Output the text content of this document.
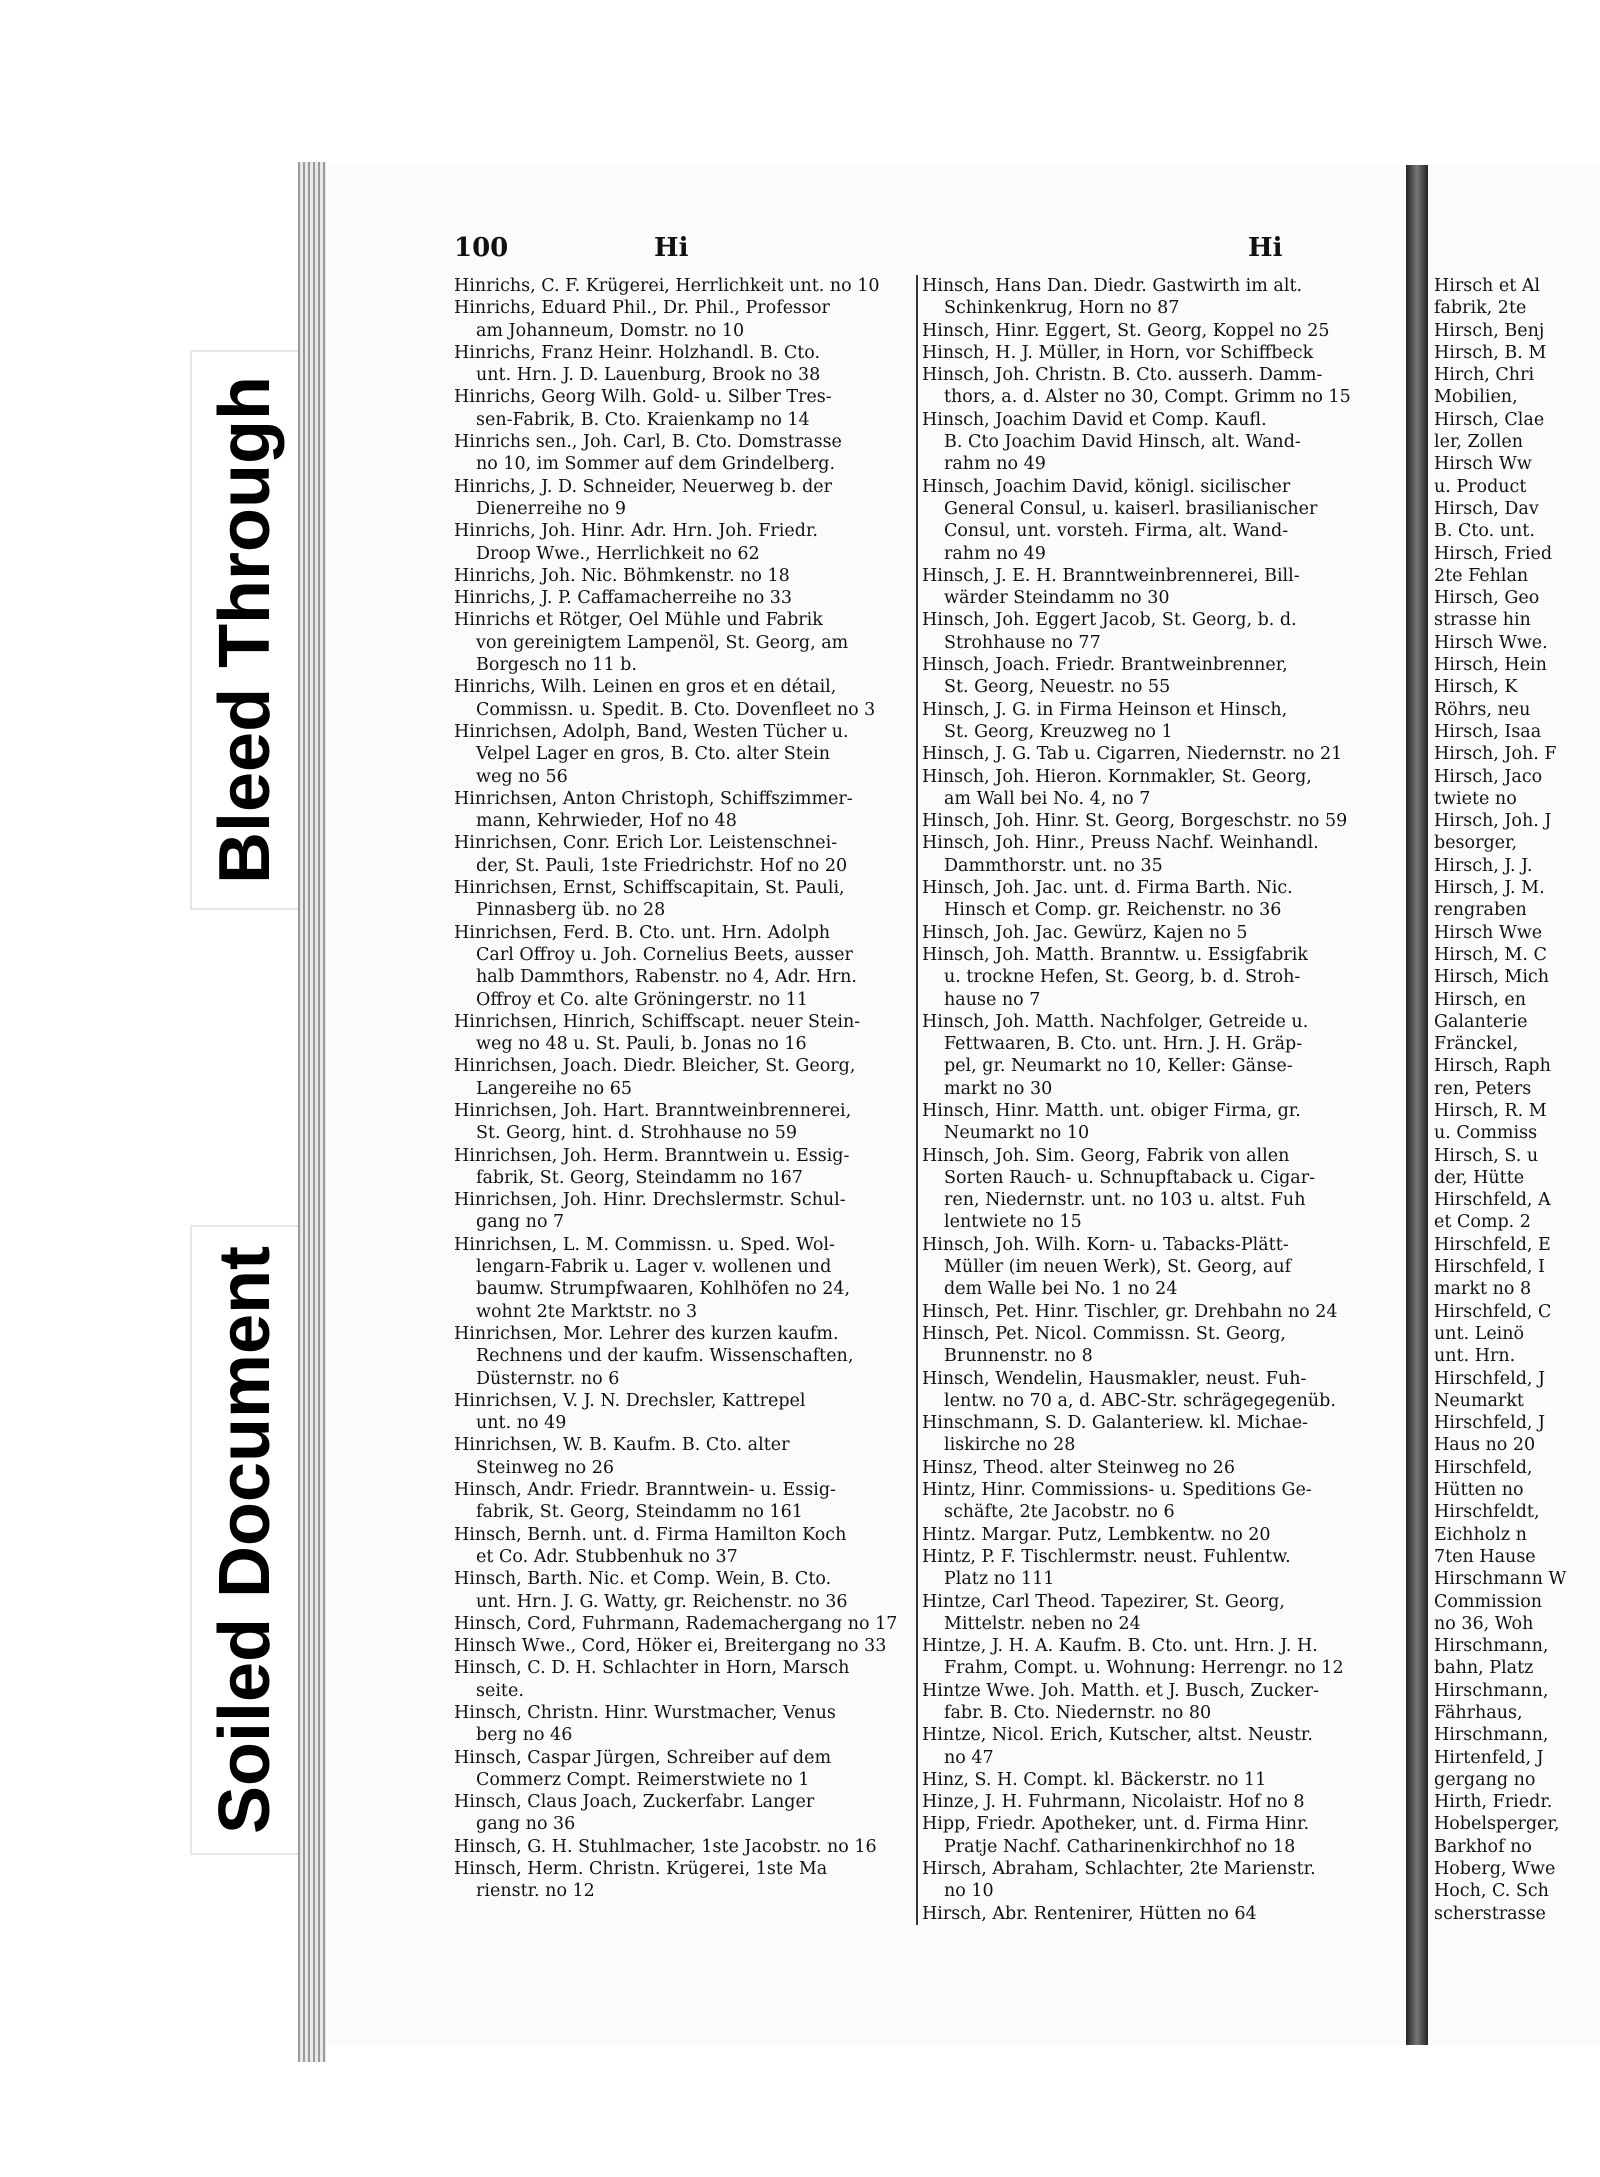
Bleed Through
Soiled Document
100	Hi	Hi
Hinrichs, C. F. Krügerei, Herrlichkeit unt. no 10
Hinrichs, Eduard Phil., Dr. Phil., Professor
am Johanneum, Domstr. no 10
Hinrichs, Franz Heinr. Holzhandl. B. Cto.
unt. Hrn. J. D. Lauenburg, Brook no 38
Hinrichs, Georg Wilh. Gold- u. Silber Tres-
sen-Fabrik, B. Cto. Kraienkamp no 14
Hinrichs sen., Joh. Carl, B. Cto. Domstrasse
no 10, im Sommer auf dem Grindelberg.
Hinrichs, J. D. Schneider, Neuerweg b. der
Dienerreihe no 9
Hinrichs, Joh. Hinr. Adr. Hrn. Joh. Friedr.
Droop Wwe., Herrlichkeit no 62
Hinrichs, Joh. Nic. Böhmkenstr. no 18
Hinrichs, J. P. Caffamacherreihe no 33
Hinrichs et Rötger, Oel Mühle und Fabrik
von gereinigtem Lampenöl, St. Georg, am
Borgesch no 11 b.
Hinrichs, Wilh. Leinen en gros et en détail,
Commissn. u. Spedit. B. Cto. Dovenfleet no 3
Hinrichsen, Adolph, Band, Westen Tücher u.
Velpel Lager en gros, B. Cto. alter Stein
weg no 56
Hinrichsen, Anton Christoph, Schiffszimmer-
mann, Kehrwieder, Hof no 48
Hinrichsen, Conr. Erich Lor. Leistenschnei-
der, St. Pauli, 1ste Friedrichstr. Hof no 20
Hinrichsen, Ernst, Schiffscapitain, St. Pauli,
Pinnasberg üb. no 28
Hinrichsen, Ferd. B. Cto. unt. Hrn. Adolph
Carl Offroy u. Joh. Cornelius Beets, ausser
halb Dammthors, Rabenstr. no 4, Adr. Hrn.
Offroy et Co. alte Gröningerstr. no 11
Hinrichsen, Hinrich, Schiffscapt. neuer Stein-
weg no 48 u. St. Pauli, b. Jonas no 16
Hinrichsen, Joach. Diedr. Bleicher, St. Georg,
Langereihe no 65
Hinrichsen, Joh. Hart. Branntweinbrennerei,
St. Georg, hint. d. Strohhause no 59
Hinrichsen, Joh. Herm. Branntwein u. Essig-
fabrik, St. Georg, Steindamm no 167
Hinrichsen, Joh. Hinr. Drechslermstr. Schul-
gang no 7
Hinrichsen, L. M. Commissn. u. Sped. Wol-
lengarn-Fabrik u. Lager v. wollenen und
baumw. Strumpfwaaren, Kohlhöfen no 24,
wohnt 2te Marktstr. no 3
Hinrichsen, Mor. Lehrer des kurzen kaufm.
Rechnens und der kaufm. Wissenschaften,
Düsternstr. no 6
Hinrichsen, V. J. N. Drechsler, Kattrepel
unt. no 49
Hinrichsen, W. B. Kaufm. B. Cto. alter
Steinweg no 26
Hinsch, Andr. Friedr. Branntwein- u. Essig-
fabrik, St. Georg, Steindamm no 161
Hinsch, Bernh. unt. d. Firma Hamilton Koch
et Co. Adr. Stubbenhuk no 37
Hinsch, Barth. Nic. et Comp. Wein, B. Cto.
unt. Hrn. J. G. Watty, gr. Reichenstr. no 36
Hinsch, Cord, Fuhrmann, Rademachergang no 17
Hinsch Wwe., Cord, Höker ei, Breitergang no 33
Hinsch, C. D. H. Schlachter in Horn, Marsch
seite.
Hinsch, Christn. Hinr. Wurstmacher, Venus
berg no 46
Hinsch, Caspar Jürgen, Schreiber auf dem
Commerz Compt. Reimerstwiete no 1
Hinsch, Claus Joach, Zuckerfabr. Langer
gang no 36
Hinsch, G. H. Stuhlmacher, 1ste Jacobstr. no 16
Hinsch, Herm. Christn. Krügerei, 1ste Ma
rienstr. no 12
Hinsch, Hans Dan. Diedr. Gastwirth im alt.
Schinkenkrug, Horn no 87
Hinsch, Hinr. Eggert, St. Georg, Koppel no 25
Hinsch, H. J. Müller, in Horn, vor Schiffbeck
Hinsch, Joh. Christn. B. Cto. ausserh. Damm-
thors, a. d. Alster no 30, Compt. Grimm no 15
Hinsch, Joachim David et Comp. Kaufl.
B. Cto Joachim David Hinsch, alt. Wand-
rahm no 49
Hinsch, Joachim David, königl. sicilischer
General Consul, u. kaiserl. brasilianischer
Consul, unt. vorsteh. Firma, alt. Wand-
rahm no 49
Hinsch, J. E. H. Branntweinbrennerei, Bill-
wärder Steindamm no 30
Hinsch, Joh. Eggert Jacob, St. Georg, b. d.
Strohhause no 77
Hinsch, Joach. Friedr. Brantweinbrenner,
St. Georg, Neuestr. no 55
Hinsch, J. G. in Firma Heinson et Hinsch,
St. Georg, Kreuzweg no 1
Hinsch, J. G. Tab u. Cigarren, Niedernstr. no 21
Hinsch, Joh. Hieron. Kornmakler, St. Georg,
am Wall bei No. 4, no 7
Hinsch, Joh. Hinr. St. Georg, Borgeschstr. no 59
Hinsch, Joh. Hinr., Preuss Nachf. Weinhandl.
Dammthorstr. unt. no 35
Hinsch, Joh. Jac. unt. d. Firma Barth. Nic.
Hinsch et Comp. gr. Reichenstr. no 36
Hinsch, Joh. Jac. Gewürz, Kajen no 5
Hinsch, Joh. Matth. Branntw. u. Essigfabrik
u. trockne Hefen, St. Georg, b. d. Stroh-
hause no 7
Hinsch, Joh. Matth. Nachfolger, Getreide u.
Fettwaaren, B. Cto. unt. Hrn. J. H. Gräp-
pel, gr. Neumarkt no 10, Keller: Gänse-
markt no 30
Hinsch, Hinr. Matth. unt. obiger Firma, gr.
Neumarkt no 10
Hinsch, Joh. Sim. Georg, Fabrik von allen
Sorten Rauch- u. Schnupftaback u. Cigar-
ren, Niedernstr. unt. no 103 u. altst. Fuh
lentwiete no 15
Hinsch, Joh. Wilh. Korn- u. Tabacks-Plätt-
Müller (im neuen Werk), St. Georg, auf
dem Walle bei No. 1 no 24
Hinsch, Pet. Hinr. Tischler, gr. Drehbahn no 24
Hinsch, Pet. Nicol. Commissn. St. Georg,
Brunnenstr. no 8
Hinsch, Wendelin, Hausmakler, neust. Fuh-
lentw. no 70 a, d. ABC-Str. schrägegegenüb.
Hinschmann, S. D. Galanteriew. kl. Michae-
liskirche no 28
Hinsz, Theod. alter Steinweg no 26
Hintz, Hinr. Commissions- u. Speditions Ge-
schäfte, 2te Jacobstr. no 6
Hintz. Margar. Putz, Lembkentw. no 20
Hintz, P. F. Tischlermstr. neust. Fuhlentw.
Platz no 111
Hintze, Carl Theod. Tapezirer, St. Georg,
Mittelstr. neben no 24
Hintze, J. H. A. Kaufm. B. Cto. unt. Hrn. J. H.
Frahm, Compt. u. Wohnung: Herrengr. no 12
Hintze Wwe. Joh. Matth. et J. Busch, Zucker-
fabr. B. Cto. Niedernstr. no 80
Hintze, Nicol. Erich, Kutscher, altst. Neustr.
no 47
Hinz, S. H. Compt. kl. Bäckerstr. no 11
Hinze, J. H. Fuhrmann, Nicolaistr. Hof no 8
Hipp, Friedr. Apotheker, unt. d. Firma Hinr.
Pratje Nachf. Catharinenkirchhof no 18
Hirsch, Abraham, Schlachter, 2te Marienstr.
no 10
Hirsch, Abr. Rentenirer, Hütten no 64
Hirsch et Al
fabrik, 2te
Hirsch, Benj
Hirsch, B. M
Hirch, Chri
Mobilien,
Hirsch, Clae
ler, Zollen
Hirsch Ww
u. Product
Hirsch, Dav
B. Cto. unt.
Hirsch, Fried
2te Fehlan
Hirsch, Geo
strasse hin
Hirsch Wwe.
Hirsch, Hein
Hirsch, K
Röhrs, neu
Hirsch, Isaa
Hirsch, Joh. F
Hirsch, Jaco
twiete no
Hirsch, Joh. J
besorger,
Hirsch, J. J.
Hirsch, J. M.
rengraben
Hirsch Wwe
Hirsch, M. C
Hirsch, Mich
Hirsch, en
Galanterie
Fränckel,
Hirsch, Raph
ren, Peters
Hirsch, R. M
u. Commiss
Hirsch, S. u
der, Hütte
Hirschfeld, A
et Comp. 2
Hirschfeld, E
Hirschfeld, I
markt no 8
Hirschfeld, C
unt. Leinö
unt. Hrn.
Hirschfeld, J
Neumarkt
Hirschfeld, J
Haus no 20
Hirschfeld,
Hütten no
Hirschfeldt,
Eichholz n
7ten Hause
Hirschmann W
Commission
no 36, Woh
Hirschmann,
bahn, Platz
Hirschmann,
Fährhaus,
Hirschmann,
Hirtenfeld, J
gergang no
Hirth, Friedr.
Hobelsperger,
Barkhof no
Hoberg, Wwe
Hoch, C. Sch
scherstrasse
